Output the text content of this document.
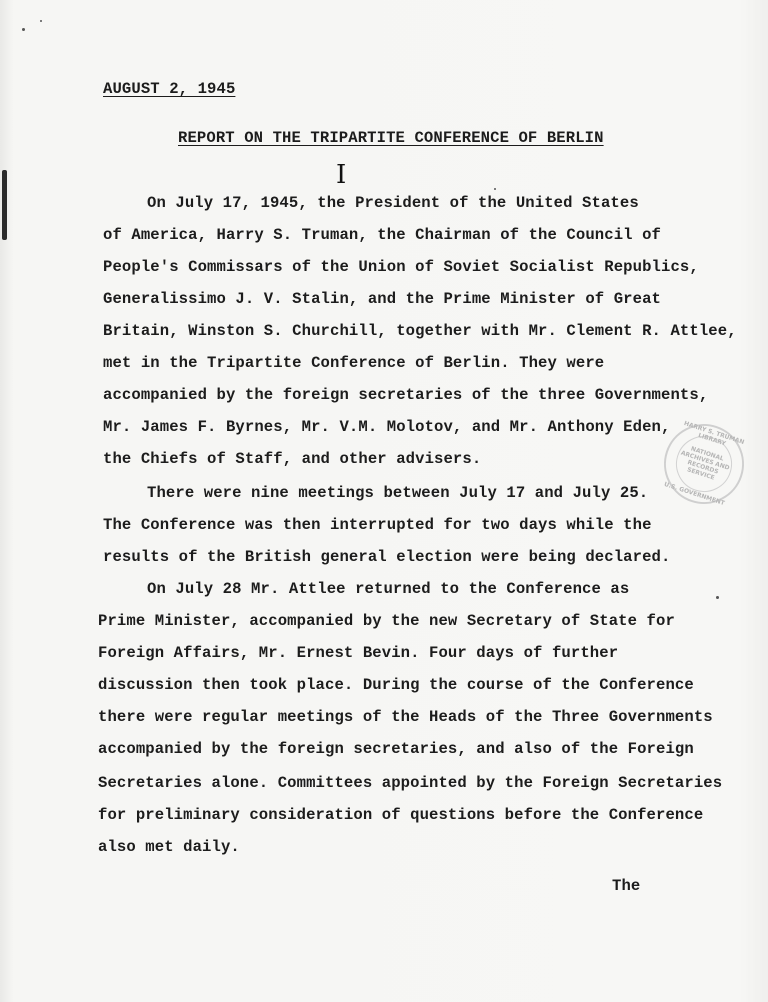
AUGUST 2, 1945
REPORT ON THE TRIPARTITE CONFERENCE OF BERLIN
I
On July 17, 1945, the President of the United States
of America, Harry S. Truman, the Chairman of the Council of
People's Commissars of the Union of Soviet Socialist Republics,
Generalissimo J. V. Stalin, and the Prime Minister of Great
Britain, Winston S. Churchill, together with Mr. Clement R. Attlee,
met in the Tripartite Conference of Berlin. They were
accompanied by the foreign secretaries of the three Governments,
Mr. James F. Byrnes, Mr. V.M. Molotov, and Mr. Anthony Eden,
the Chiefs of Staff, and other advisers.
There were nine meetings between July 17 and July 25.
The Conference was then interrupted for two days while the
results of the British general election were being declared.
On July 28 Mr. Attlee returned to the Conference as
Prime Minister, accompanied by the new Secretary of State for
Foreign Affairs, Mr. Ernest Bevin. Four days of further
discussion then took place. During the course of the Conference
there were regular meetings of the Heads of the Three Governments
accompanied by the foreign secretaries, and also of the Foreign
Secretaries alone. Committees appointed by the Foreign Secretaries
for preliminary consideration of questions before the Conference
also met daily.
The
HARRY S. TRUMAN LIBRARY
NATIONAL ARCHIVES AND RECORDS SERVICE
U.S. GOVERNMENT
